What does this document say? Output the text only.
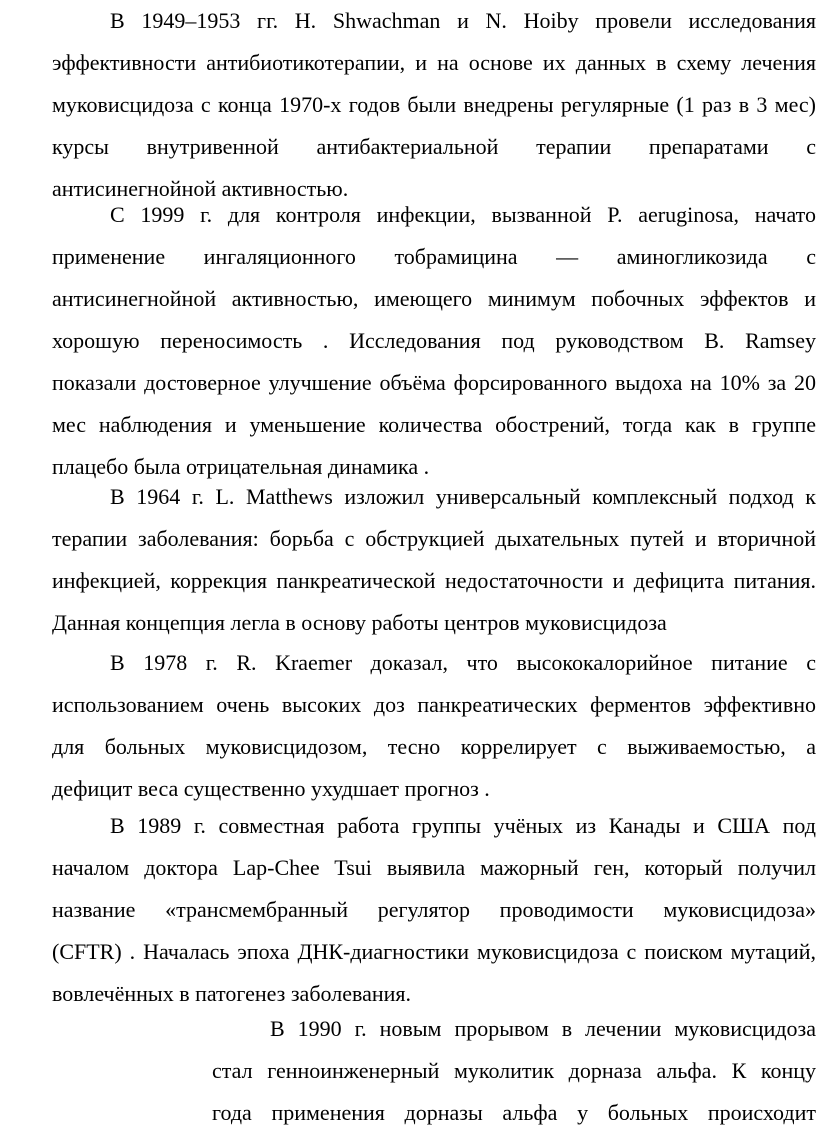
В 1949–1953 гг. H. Shwachman и N. Hoiby провели исследования
эффективности антибиотикотерапии, и на основе их данных в схему лечения
муковисцидоза с конца 1970-х годов были внедрены регулярные (1 раз в 3 мес)
курсы внутривенной антибактериальной терапии препаратами с
антисинегнойной активностью.
С 1999 г. для контроля инфекции, вызванной P. aeruginosa, начато
применение ингаляционного тобрамицина — аминогликозида с
антисинегнойной активностью, имеющего минимум побочных эффектов и
хорошую переносимость . Исследования под руководством B. Ramsey
показали достоверное улучшение объёма форсированного выдоха на 10% за 20
мес наблюдения и уменьшение количества обострений, тогда как в группе
плацебо была отрицательная динамика .
В 1964 г. L. Matthews изложил универсальный комплексный подход к
терапии заболевания: борьба с обструкцией дыхательных путей и вторичной
инфекцией, коррекция панкреатической недостаточности и дефицита питания.
Данная концепция легла в основу работы центров муковисцидоза
В 1978 г. R. Kraemer доказал, что высококалорийное питание с
использованием очень высоких доз панкреатических ферментов эффективно
для больных муковисцидозом, тесно коррелирует с выживаемостью, а
дефицит веса существенно ухудшает прогноз .
В 1989 г. совместная работа группы учёных из Канады и США под
началом доктора Lap-Chee Tsui выявила мажорный ген, который получил
название «трансмембранный регулятор проводимости муковисцидоза»
(CFTR) . Началась эпоха ДНК-диагностики муковисцидоза с поиском мутаций,
вовлечённых в патогенез заболевания.
В 1990 г. новым прорывом в лечении муковисцидоза
стал генноинженерный муколитик дорназа альфа. К концу
года применения дорназы альфа у больных происходит
